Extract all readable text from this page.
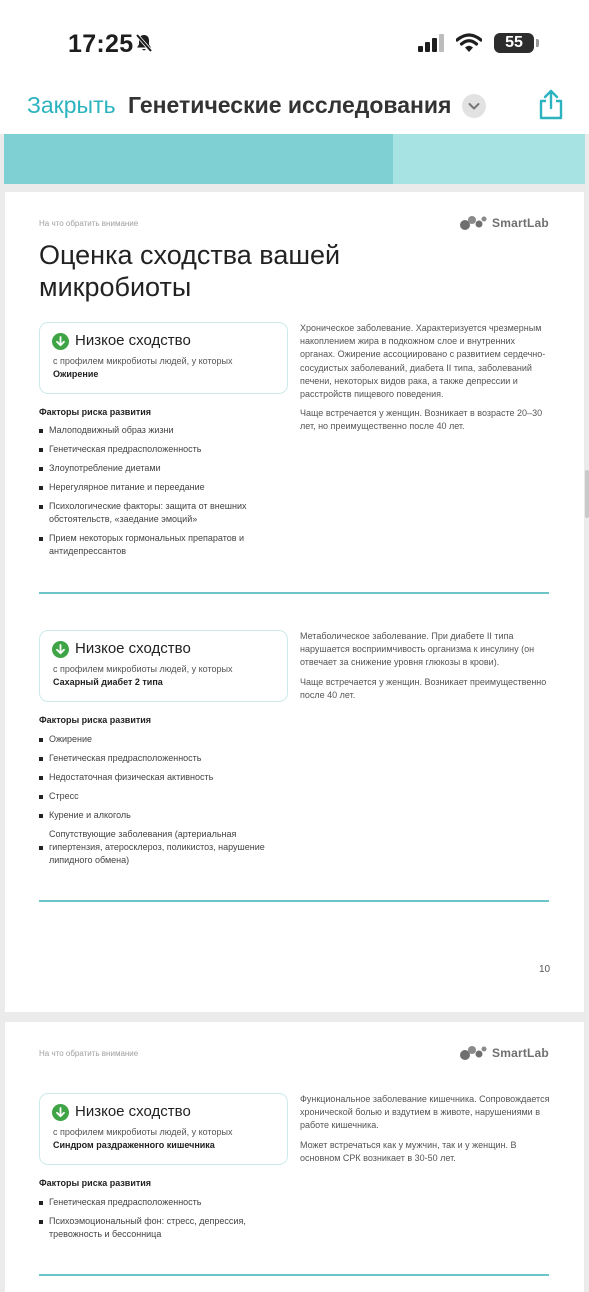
17:25	55
Закрыть Генетические исследования
На что обратить внимание	SmartLab
Оценка сходства вашей микробиоты
Низкое сходство
с профилем микробиоты людей, у которых
Ожирение

Хроническое заболевание. Характеризуется чрезмерным накоплением жира в подкожном слое и внутренних органах. Ожирение ассоциировано с развитием сердечно-сосудистых заболеваний, диабета II типа, заболеваний печени, некоторых видов рака, а также депрессии и расстройств пищевого поведения.

Чаще встречается у женщин. Возникает в возрасте 20–30 лет, но преимущественно после 40 лет.

Факторы риска развития
Малоподвижный образ жизни
Генетическая предрасположенность
Злоупотребление диетами
Нерегулярное питание и переедание
Психологические факторы: защита от внешних обстоятельств, «заедание эмоций»
Прием некоторых гормональных препаратов и антидепрессантов
Низкое сходство
с профилем микробиоты людей, у которых
Сахарный диабет 2 типа

Метаболическое заболевание. При диабете II типа нарушается восприимчивость организма к инсулину (он отвечает за снижение уровня глюкозы в крови).

Чаще встречается у женщин. Возникает преимущественно после 40 лет.

Факторы риска развития
Ожирение
Генетическая предрасположенность
Недостаточная физическая активность
Стресс
Курение и алкоголь
Сопутствующие заболевания (артериальная гипертензия, атеросклероз, поликистоз, нарушение липидного обмена)
10
На что обратить внимание	SmartLab
Низкое сходство
с профилем микробиоты людей, у которых
Синдром раздраженного кишечника

Функциональное заболевание кишечника. Сопровождается хронической болью и вздутием в животе, нарушениями в работе кишечника.

Может встречаться как у мужчин, так и у женщин. В основном СРК возникает в 30-50 лет.

Факторы риска развития
Генетическая предрасположенность
Психоэмоциональный фон: стресс, депрессия, тревожность и бессонница
